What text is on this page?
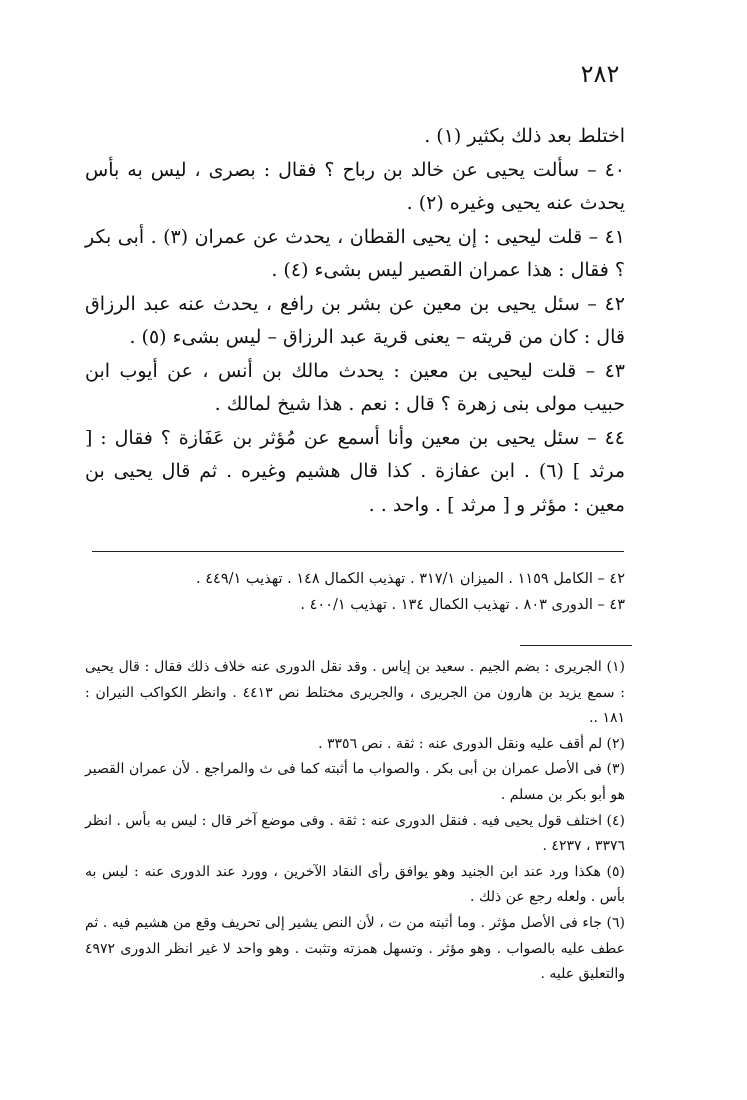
٢٨٢

اختلط بعد ذلك بكثير (١) .

٤٠ – سألت يحيى عن خالد بن رباح ؟ فقال : بصرى ، ليس به بأس يحدث عنه يحيى وغيره (٢) .

٤١ – قلت ليحيى : إن يحيى القطان ، يحدث عن عمران (٣) . أبى بكر ؟ فقال : هذا عمران القصير ليس بشىء (٤) .

٤٢ – سئل يحيى بن معين عن بشر بن رافع ، يحدث عنه عبد الرزاق قال : كان من قريته – يعنى قرية عبد الرزاق – ليس بشىء (٥) .

٤٣ – قلت ليحيى بن معين : يحدث مالك بن أنس ، عن أيوب ابن حبيب مولى بنى زهرة ؟ قال : نعم . هذا شيخ لمالك .

٤٤ – سئل يحيى بن معين وأنا أسمع عن مُؤثر بن عَفَازة ؟ فقال : [ مرثد ] (٦) . ابن عفازة . كذا قال هشيم وغيره . ثم قال يحيى بن معين : مؤثر و [ مرثد ] . واحد . .

٤٢ – الكامل ١١٥٩ . الميزان ٣١٧/١ . تهذيب الكمال ١٤٨ . تهذيب ٤٤٩/١ .

٤٣ – الدورى ٨٠٣ . تهذيب الكمال ١٣٤ . تهذيب ٤٠٠/١ .

(١) الجريرى : بضم الجيم . سعيد بن إياس . وقد نقل الدورى عنه خلاف ذلك فقال : قال يحيى : سمع يزيد بن هارون من الجريرى ، والجريرى مختلط نص ٤٤١٣ . وانظر الكواكب النيران : ١٨١ ..

(٢) لم أقف عليه ونقل الدورى عنه : ثقة . نص ٣٣٥٦ .

(٣) فى الأصل عمران بن أبى بكر . والصواب ما أثبته كما فى ث والمراجع . لأن عمران القصير هو أبو بكر بن مسلم .

(٤) اختلف قول يحيى فيه . فنقل الدورى عنه : ثقة . وفى موضع آخر قال : ليس به بأس . انظر ٣٣٧٦ ، ٤٢٣٧ .

(٥) هكذا ورد عند ابن الجنيد وهو يوافق رأى النقاد الآخرين ، وورد عند الدورى عنه : ليس به بأس . ولعله رجع عن ذلك .

(٦) جاء فى الأصل مؤثر . وما أثبته من ت ، لأن النص يشير إلى تحريف وقع من هشيم فيه . ثم عطف عليه بالصواب . وهو مؤثر . وتسهل همزته وتثبت . وهو واحد لا غير انظر الدورى ٤٩٧٢ والتعليق عليه .
